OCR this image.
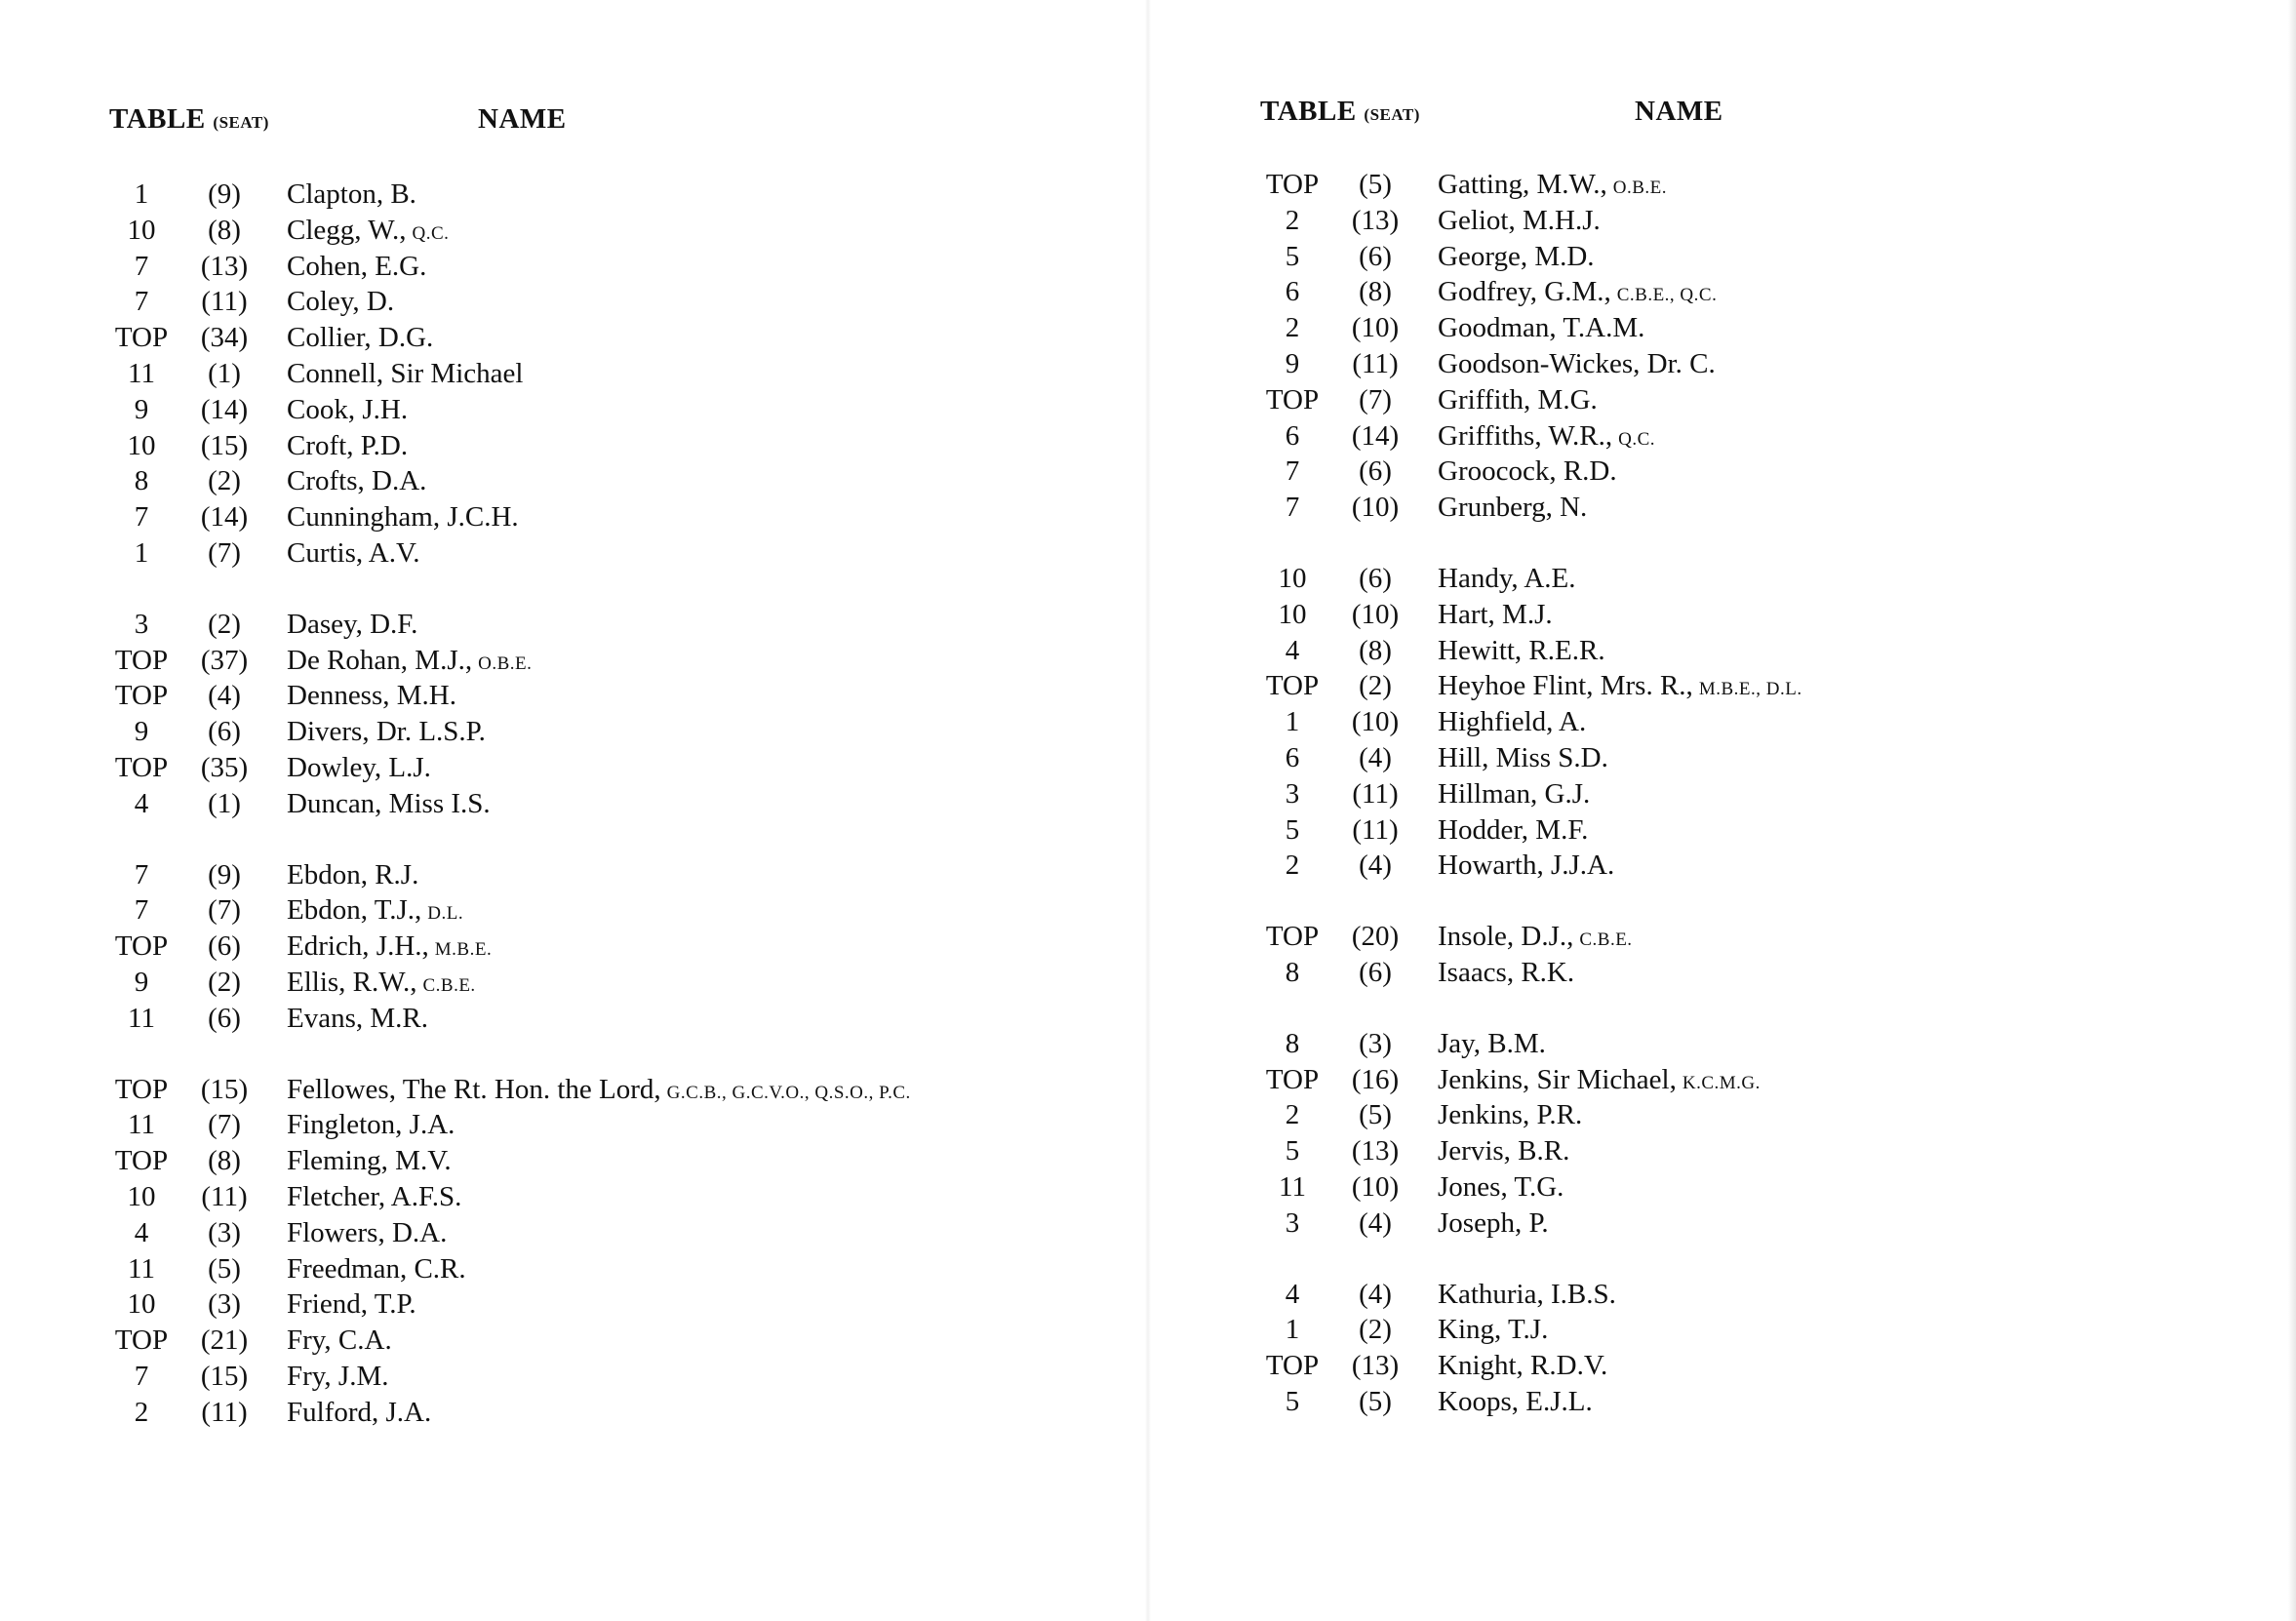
TABLE (SEAT)	NAME
1	(9)	Clapton, B.
10	(8)	Clegg, W., Q.C.
7	(13)	Cohen, E.G.
7	(11)	Coley, D.
TOP	(34)	Collier, D.G.
11	(1)	Connell, Sir Michael
9	(14)	Cook, J.H.
10	(15)	Croft, P.D.
8	(2)	Crofts, D.A.
7	(14)	Cunningham, J.C.H.
1	(7)	Curtis, A.V.
3	(2)	Dasey, D.F.
TOP	(37)	De Rohan, M.J., O.B.E.
TOP	(4)	Denness, M.H.
9	(6)	Divers, Dr. L.S.P.
TOP	(35)	Dowley, L.J.
4	(1)	Duncan, Miss I.S.
7	(9)	Ebdon, R.J.
7	(7)	Ebdon, T.J., D.L.
TOP	(6)	Edrich, J.H., M.B.E.
9	(2)	Ellis, R.W., C.B.E.
11	(6)	Evans, M.R.
TOP	(15)	Fellowes, The Rt. Hon. the Lord, G.C.B., G.C.V.O., Q.S.O., P.C.
11	(7)	Fingleton, J.A.
TOP	(8)	Fleming, M.V.
10	(11)	Fletcher, A.F.S.
4	(3)	Flowers, D.A.
11	(5)	Freedman, C.R.
10	(3)	Friend, T.P.
TOP	(21)	Fry, C.A.
7	(15)	Fry, J.M.
2	(11)	Fulford, J.A.
TABLE (SEAT)	NAME
TOP	(5)	Gatting, M.W., O.B.E.
2	(13)	Geliot, M.H.J.
5	(6)	George, M.D.
6	(8)	Godfrey, G.M., C.B.E., Q.C.
2	(10)	Goodman, T.A.M.
9	(11)	Goodson-Wickes, Dr. C.
TOP	(7)	Griffith, M.G.
6	(14)	Griffiths, W.R., Q.C.
7	(6)	Groocock, R.D.
7	(10)	Grunberg, N.
10	(6)	Handy, A.E.
10	(10)	Hart, M.J.
4	(8)	Hewitt, R.E.R.
TOP	(2)	Heyhoe Flint, Mrs. R., M.B.E., D.L.
1	(10)	Highfield, A.
6	(4)	Hill, Miss S.D.
3	(11)	Hillman, G.J.
5	(11)	Hodder, M.F.
2	(4)	Howarth, J.J.A.
TOP	(20)	Insole, D.J., C.B.E.
8	(6)	Isaacs, R.K.
8	(3)	Jay, B.M.
TOP	(16)	Jenkins, Sir Michael, K.C.M.G.
2	(5)	Jenkins, P.R.
5	(13)	Jervis, B.R.
11	(10)	Jones, T.G.
3	(4)	Joseph, P.
4	(4)	Kathuria, I.B.S.
1	(2)	King, T.J.
TOP	(13)	Knight, R.D.V.
5	(5)	Koops, E.J.L.
